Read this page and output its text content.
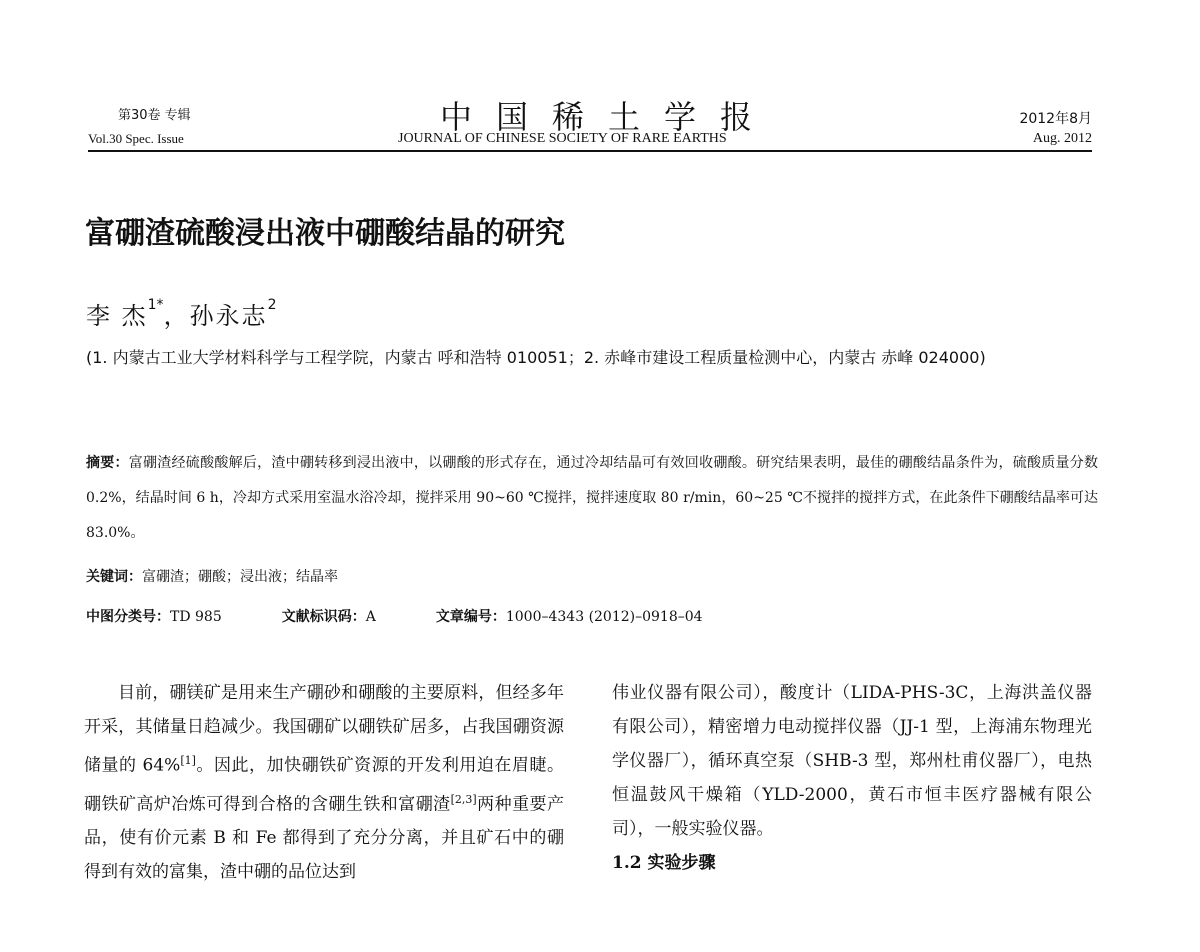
第30卷 专辑
Vol.30 Spec. Issue
中国稀土学报
JOURNAL OF CHINESE SOCIETY OF RARE EARTHS
2012年8月
Aug. 2012
富硼渣硫酸浸出液中硼酸结晶的研究
李 杰$^{1*}$，孙永志$^2$
(1. 内蒙古工业大学材料科学与工程学院，内蒙古 呼和浩特 010051；2. 赤峰市建设工程质量检测中心，内蒙古 赤峰 024000)
摘要：富硼渣经硫酸酸解后，渣中硼转移到浸出液中，以硼酸的形式存在，通过冷却结晶可有效回收硼酸。研究结果表明，最佳的硼酸结晶条件为，硫酸质量分数 0.2%，结晶时间 6 h，冷却方式采用室温水浴冷却，搅拌采用 90~60 ℃搅拌，搅拌速度取 80 r/min，60~25 ℃不搅拌的搅拌方式，在此条件下硼酸结晶率可达 83.0%。
关键词：富硼渣；硼酸；浸出液；结晶率
中图分类号：TD 985	文献标识码：A	文章编号：1000–4343 (2012)–0918–04
目前，硼镁矿是用来生产硼砂和硼酸的主要原料，但经多年开采，其储量日趋减少。我国硼矿以硼铁矿居多，占我国硼资源储量的 64%[1]。因此，加快硼铁矿资源的开发利用迫在眉睫。硼铁矿高炉冶炼可得到合格的含硼生铁和富硼渣[2,3]两种重要产品，使有价元素 B 和 Fe 都得到了充分分离，并且矿石中的硼得到有效的富集，渣中硼的品位达到
伟业仪器有限公司），酸度计（LIDA-PHS-3C，上海洪盖仪器有限公司），精密增力电动搅拌仪器（JJ-1 型，上海浦东物理光学仪器厂），循环真空泵（SHB-3 型，郑州杜甫仪器厂），电热恒温鼓风干燥箱（YLD-2000，黄石市恒丰医疗器械有限公司），一般实验仪器。
1.2 实验步骤
